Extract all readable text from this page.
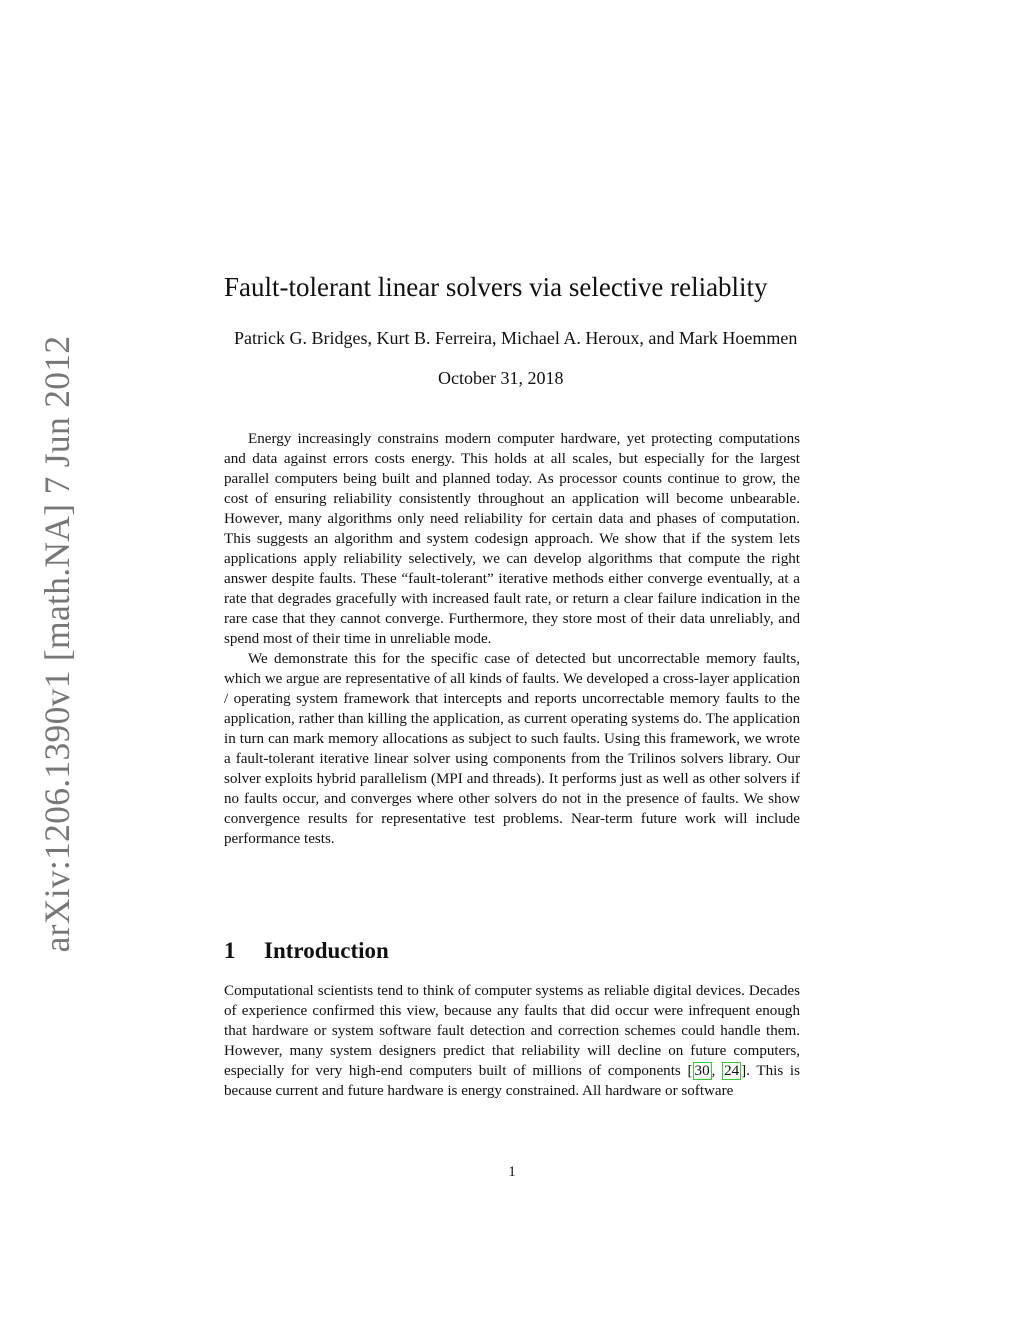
arXiv:1206.1390v1 [math.NA] 7 Jun 2012
Fault-tolerant linear solvers via selective reliablity
Patrick G. Bridges, Kurt B. Ferreira, Michael A. Heroux, and Mark Hoemmen
October 31, 2018

Energy increasingly constrains modern computer hardware, yet protecting computations and data against errors costs energy. This holds at all scales, but especially for the largest parallel computers being built and planned today. As processor counts continue to grow, the cost of ensuring reliability consistently throughout an application will become unbearable. However, many algorithms only need reliability for certain data and phases of computation. This suggests an algorithm and system codesign approach. We show that if the system lets applications apply reliability selectively, we can develop algorithms that compute the right answer despite faults. These “fault-tolerant” iterative methods either converge eventually, at a rate that degrades gracefully with increased fault rate, or return a clear failure indication in the rare case that they cannot converge. Furthermore, they store most of their data unreliably, and spend most of their time in unreliable mode.

We demonstrate this for the specific case of detected but uncorrectable memory faults, which we argue are representative of all kinds of faults. We developed a cross-layer application / operating system framework that intercepts and reports uncorrectable memory faults to the application, rather than killing the application, as current operating systems do. The application in turn can mark memory allocations as subject to such faults. Using this framework, we wrote a fault-tolerant iterative linear solver using components from the Trilinos solvers library. Our solver exploits hybrid parallelism (MPI and threads). It performs just as well as other solvers if no faults occur, and converges where other solvers do not in the presence of faults. We show convergence results for representative test problems. Near-term future work will include performance tests.

1 Introduction

Computational scientists tend to think of computer systems as reliable digital devices. Decades of experience confirmed this view, because any faults that did occur were infrequent enough that hardware or system software fault detection and correction schemes could handle them. However, many system designers predict that reliability will decline on future computers, especially for very high-end computers built of millions of components [ 30 , 24 ]. This is because current and future hardware is energy constrained. All hardware or software

1
